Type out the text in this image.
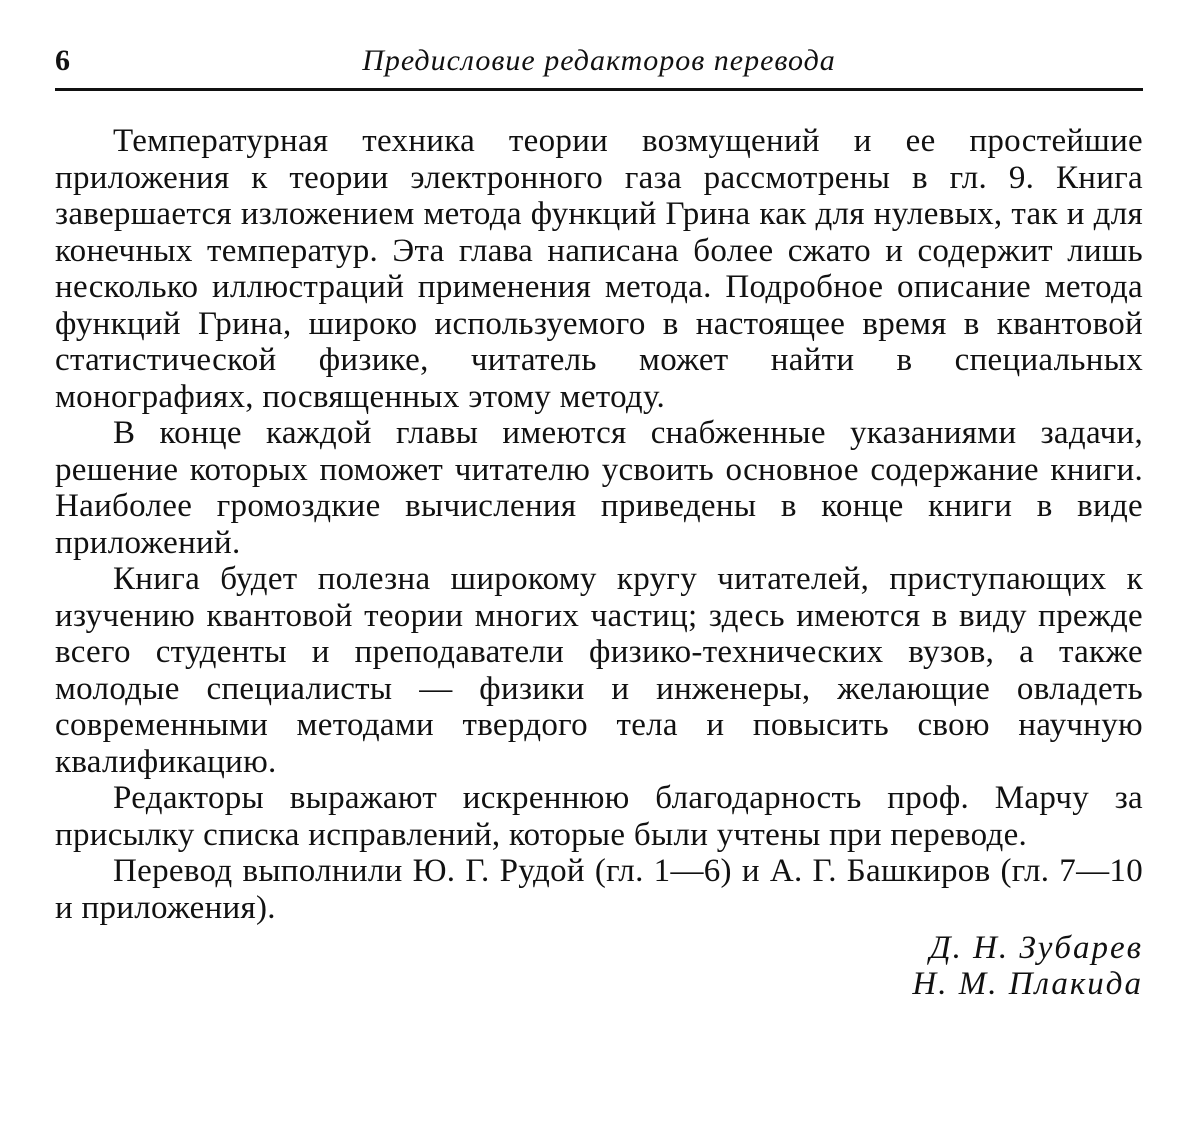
6	Предисловие редакторов перевода

Температурная техника теории возмущений и ее простейшие приложения к теории электронного газа рассмотрены в гл. 9. Книга завершается изложением метода функций Грина как для нулевых, так и для конечных температур. Эта глава написана более сжато и содержит лишь несколько иллюстраций применения метода. Подробное описание метода функций Грина, широко используемого в настоящее время в квантовой статистической физике, читатель может найти в специальных монографиях, посвященных этому методу.

В конце каждой главы имеются снабженные указаниями задачи, решение которых поможет читателю усвоить основное содержание книги. Наиболее громоздкие вычисления приведены в конце книги в виде приложений.

Книга будет полезна широкому кругу читателей, приступающих к изучению квантовой теории многих частиц; здесь имеются в виду прежде всего студенты и преподаватели физико-технических вузов, а также молодые специалисты — физики и инженеры, желающие овладеть современными методами твердого тела и повысить свою научную квалификацию.

Редакторы выражают искреннюю благодарность проф. Марчу за присылку списка исправлений, которые были учтены при переводе.

Перевод выполнили Ю. Г. Рудой (гл. 1—6) и А. Г. Башкиров (гл. 7—10 и приложения).

Д. Н. Зубарев
Н. М. Плакида
